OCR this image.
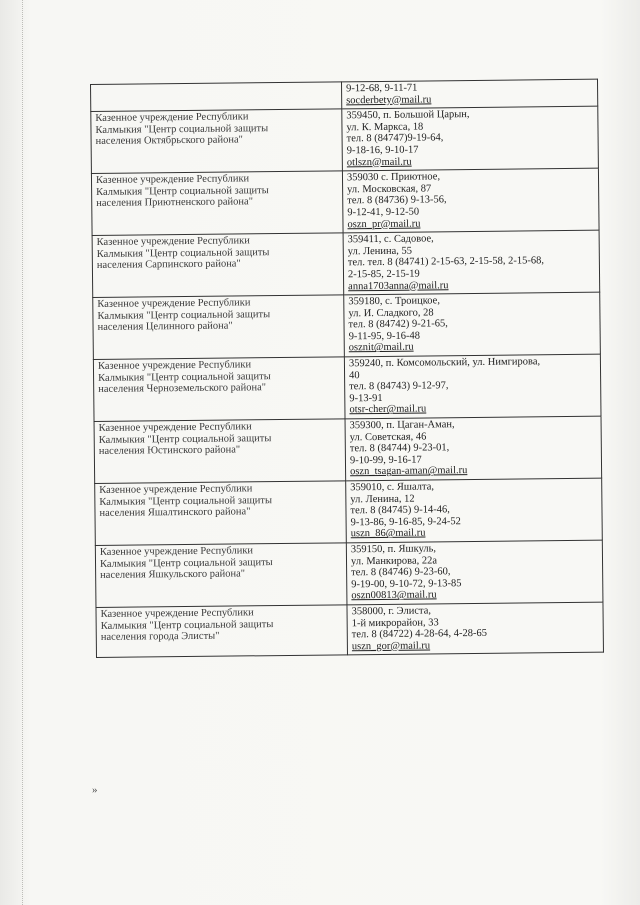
	9-12-68, 9-11-71
socderbety@mail.ru

Казенное учреждение Республики
Калмыкия "Центр социальной защиты
населения Октябрьского района"	359450, п. Большой Царын,
ул. К. Маркса, 18
тел. 8 (84747)9-19-64,
9-18-16, 9-10-17
otlszn@mail.ru

Казенное учреждение Республики
Калмыкия "Центр социальной защиты
населения Приютненского района"	359030 с. Приютное,
ул. Московская, 87
тел. 8 (84736) 9-13-56,
9-12-41, 9-12-50
oszn_pr@mail.ru

Казенное учреждение Республики
Калмыкия "Центр социальной защиты
населения Сарпинского района"	359411, с. Садовое,
ул. Ленина, 55
тел. тел. 8 (84741) 2-15-63, 2-15-58, 2-15-68,
2-15-85, 2-15-19
anna1703anna@mail.ru

Казенное учреждение Республики
Калмыкия "Центр социальной защиты
населения Целинного района"	359180, с. Троицкое,
ул. И. Сладкого, 28
тел. 8 (84742) 9-21-65,
9-11-95, 9-16-48
osznit@mail.ru

Казенное учреждение Республики
Калмыкия "Центр социальной защиты
населения Черноземельского района"	359240, п. Комсомольский, ул. Нимгирова,
40
тел. 8 (84743) 9-12-97,
9-13-91
otsr-cher@mail.ru

Казенное учреждение Республики
Калмыкия "Центр социальной защиты
населения Юстинского района"	359300, п. Цаган-Аман,
ул. Советская, 46
тел. 8 (84744) 9-23-01,
9-10-99, 9-16-17
oszn_tsagan-aman@mail.ru

Казенное учреждение Республики
Калмыкия "Центр социальной защиты
населения Яшалтинского района"	359010, с. Яшалта,
ул. Ленина, 12
тел. 8 (84745) 9-14-46,
9-13-86, 9-16-85, 9-24-52
uszn_86@mail.ru

Казенное учреждение Республики
Калмыкия "Центр социальной защиты
населения Яшкульского района"	359150, п. Яшкуль,
ул. Манкирова, 22а
тел. 8 (84746) 9-23-60,
9-19-00, 9-10-72, 9-13-85
oszn00813@mail.ru

Казенное учреждение Республики
Калмыкия "Центр социальной защиты
населения города Элисты"	358000, г. Элиста,
1-й микрорайон, 33
тел. 8 (84722) 4-28-64, 4-28-65
uszn_gor@mail.ru
»
